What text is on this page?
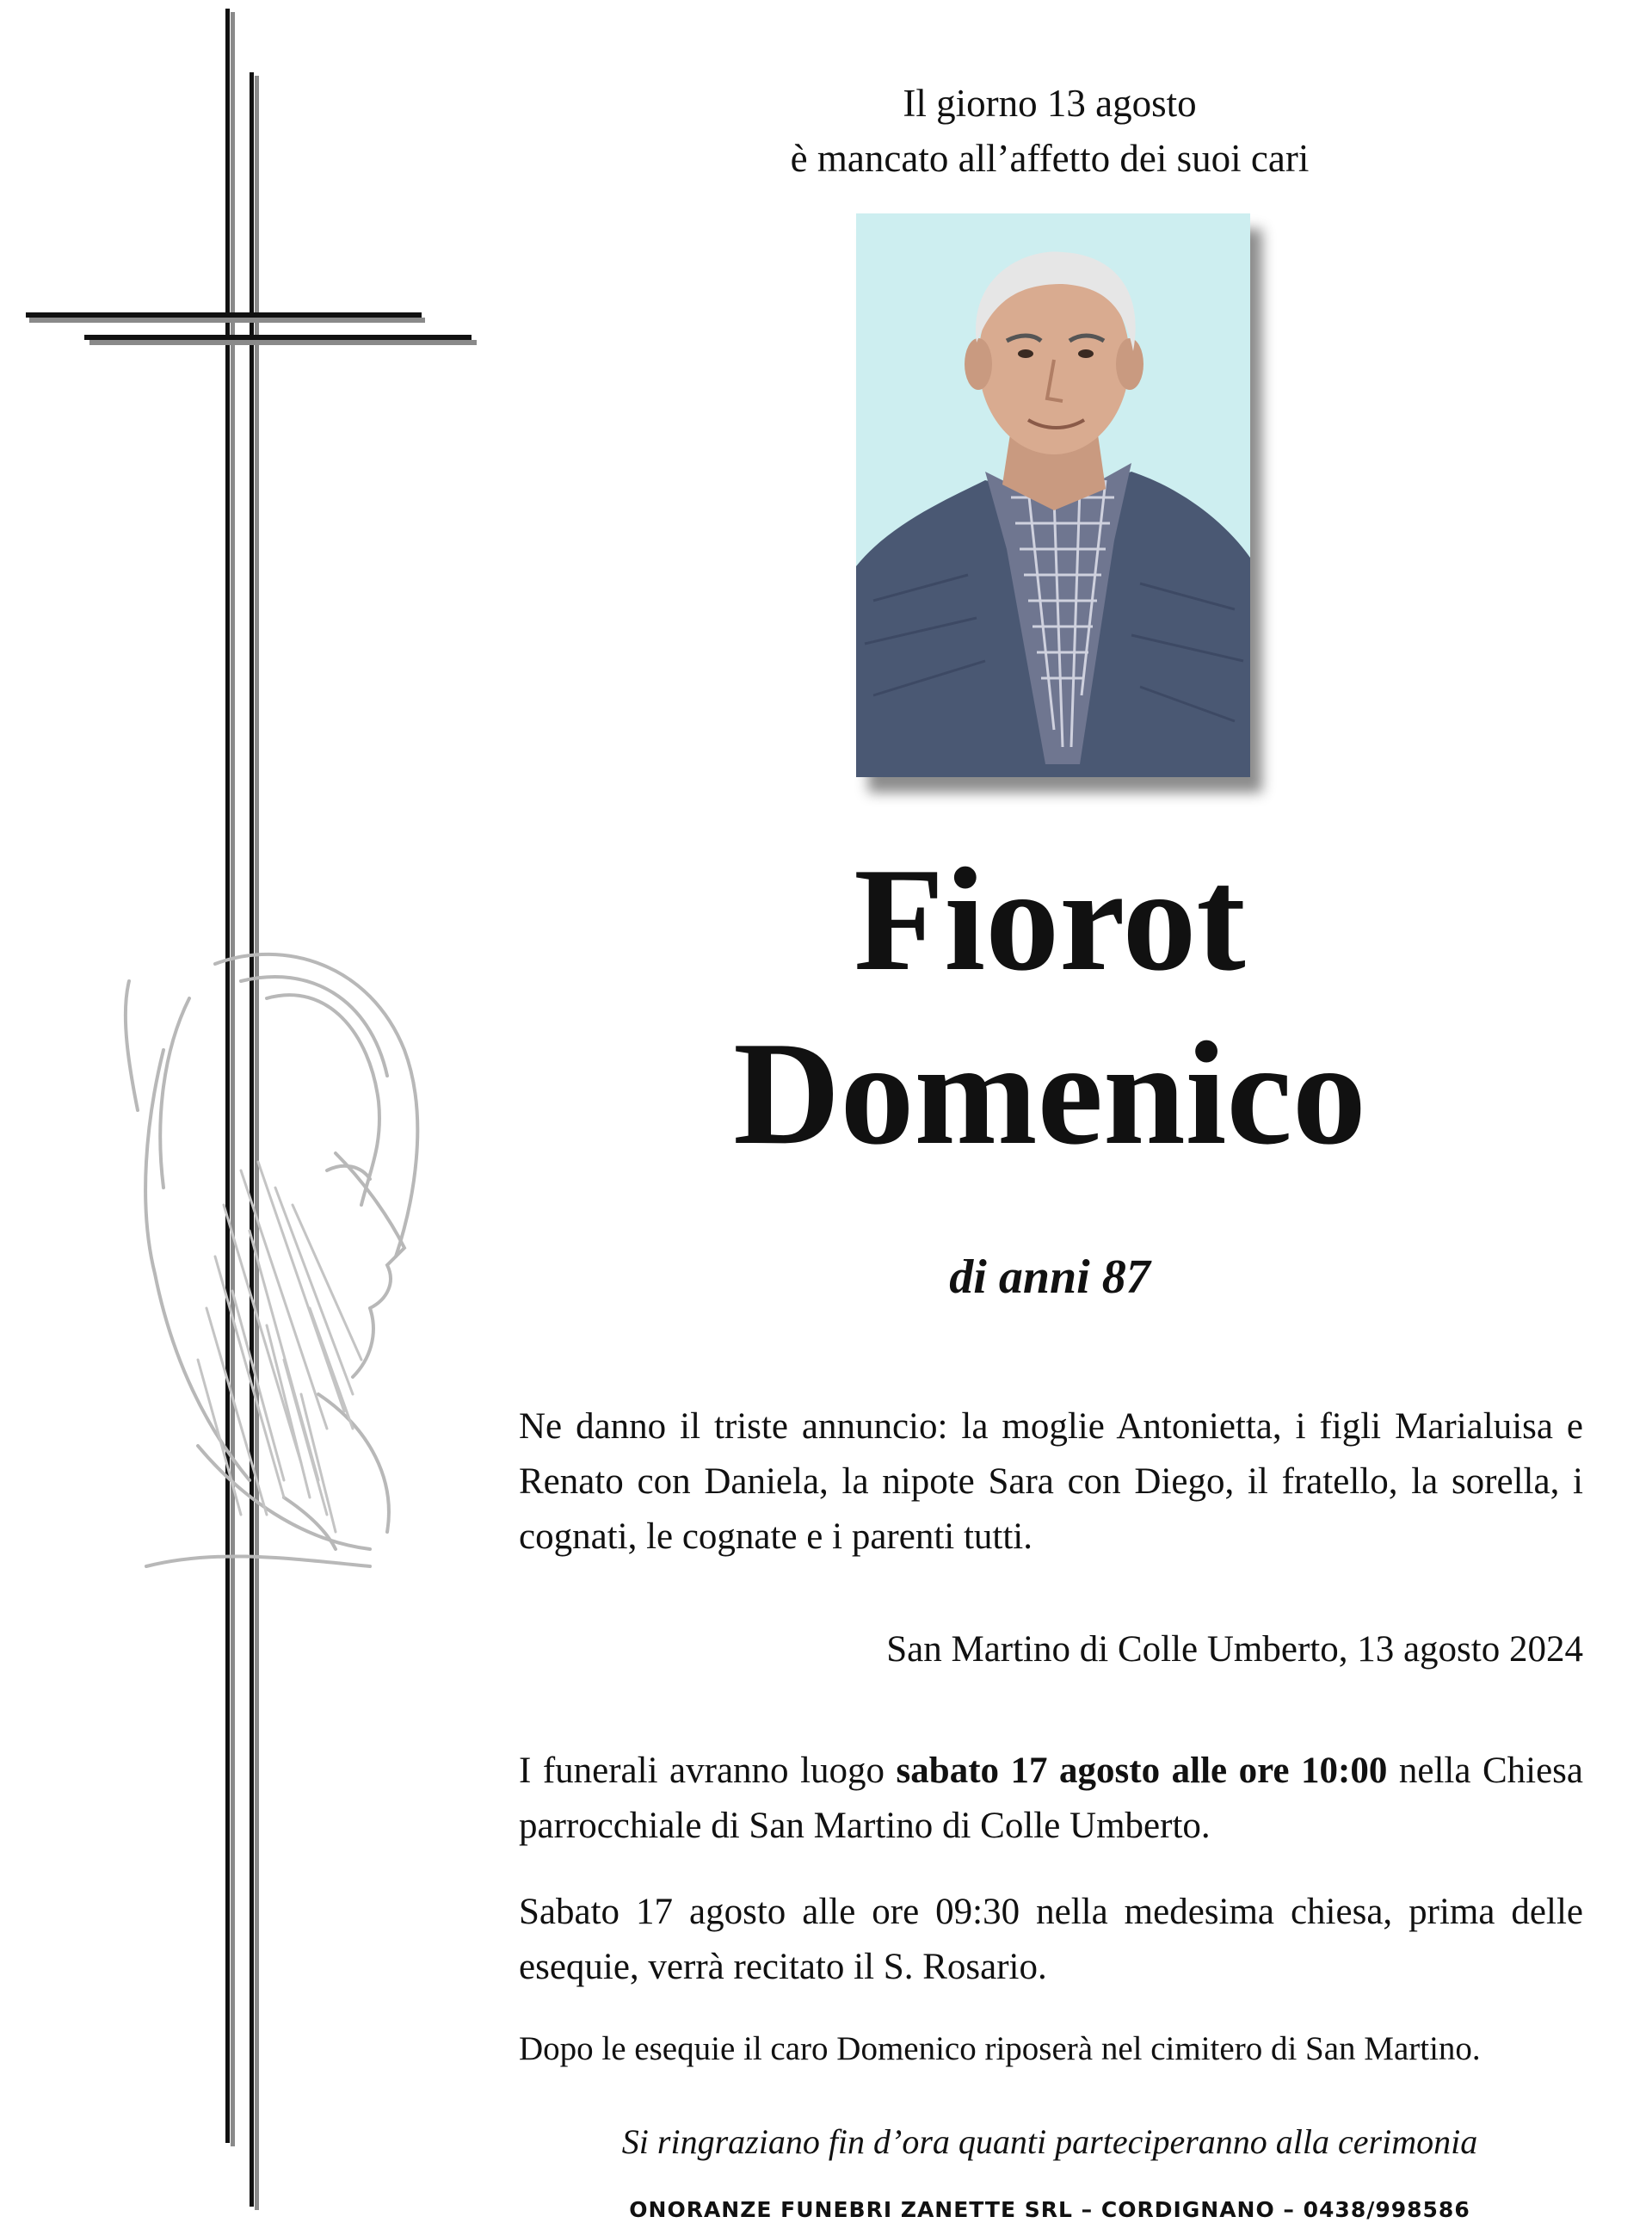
Il giorno 13 agosto
è mancato all’affetto dei suoi cari
Fiorot
Domenico
di anni 87
Ne danno il triste annuncio: la moglie Antonietta, i figli Marialuisa e Renato con Daniela, la nipote Sara con Diego, il fratello, la sorella, i cognati, le cognate e i parenti tutti.
San Martino di Colle Umberto, 13 agosto 2024
I funerali avranno luogo sabato 17 agosto alle ore 10:00 nella Chiesa parrocchiale di San Martino di Colle Umberto.
Sabato 17 agosto alle ore 09:30 nella medesima chiesa, prima delle esequie, verrà recitato il S. Rosario.
Dopo le esequie il caro Domenico riposerà nel cimitero di San Martino.
Si ringraziano fin d’ora quanti parteciperanno alla cerimonia
ONORANZE FUNEBRI ZANETTE SRL – CORDIGNANO – 0438/998586
